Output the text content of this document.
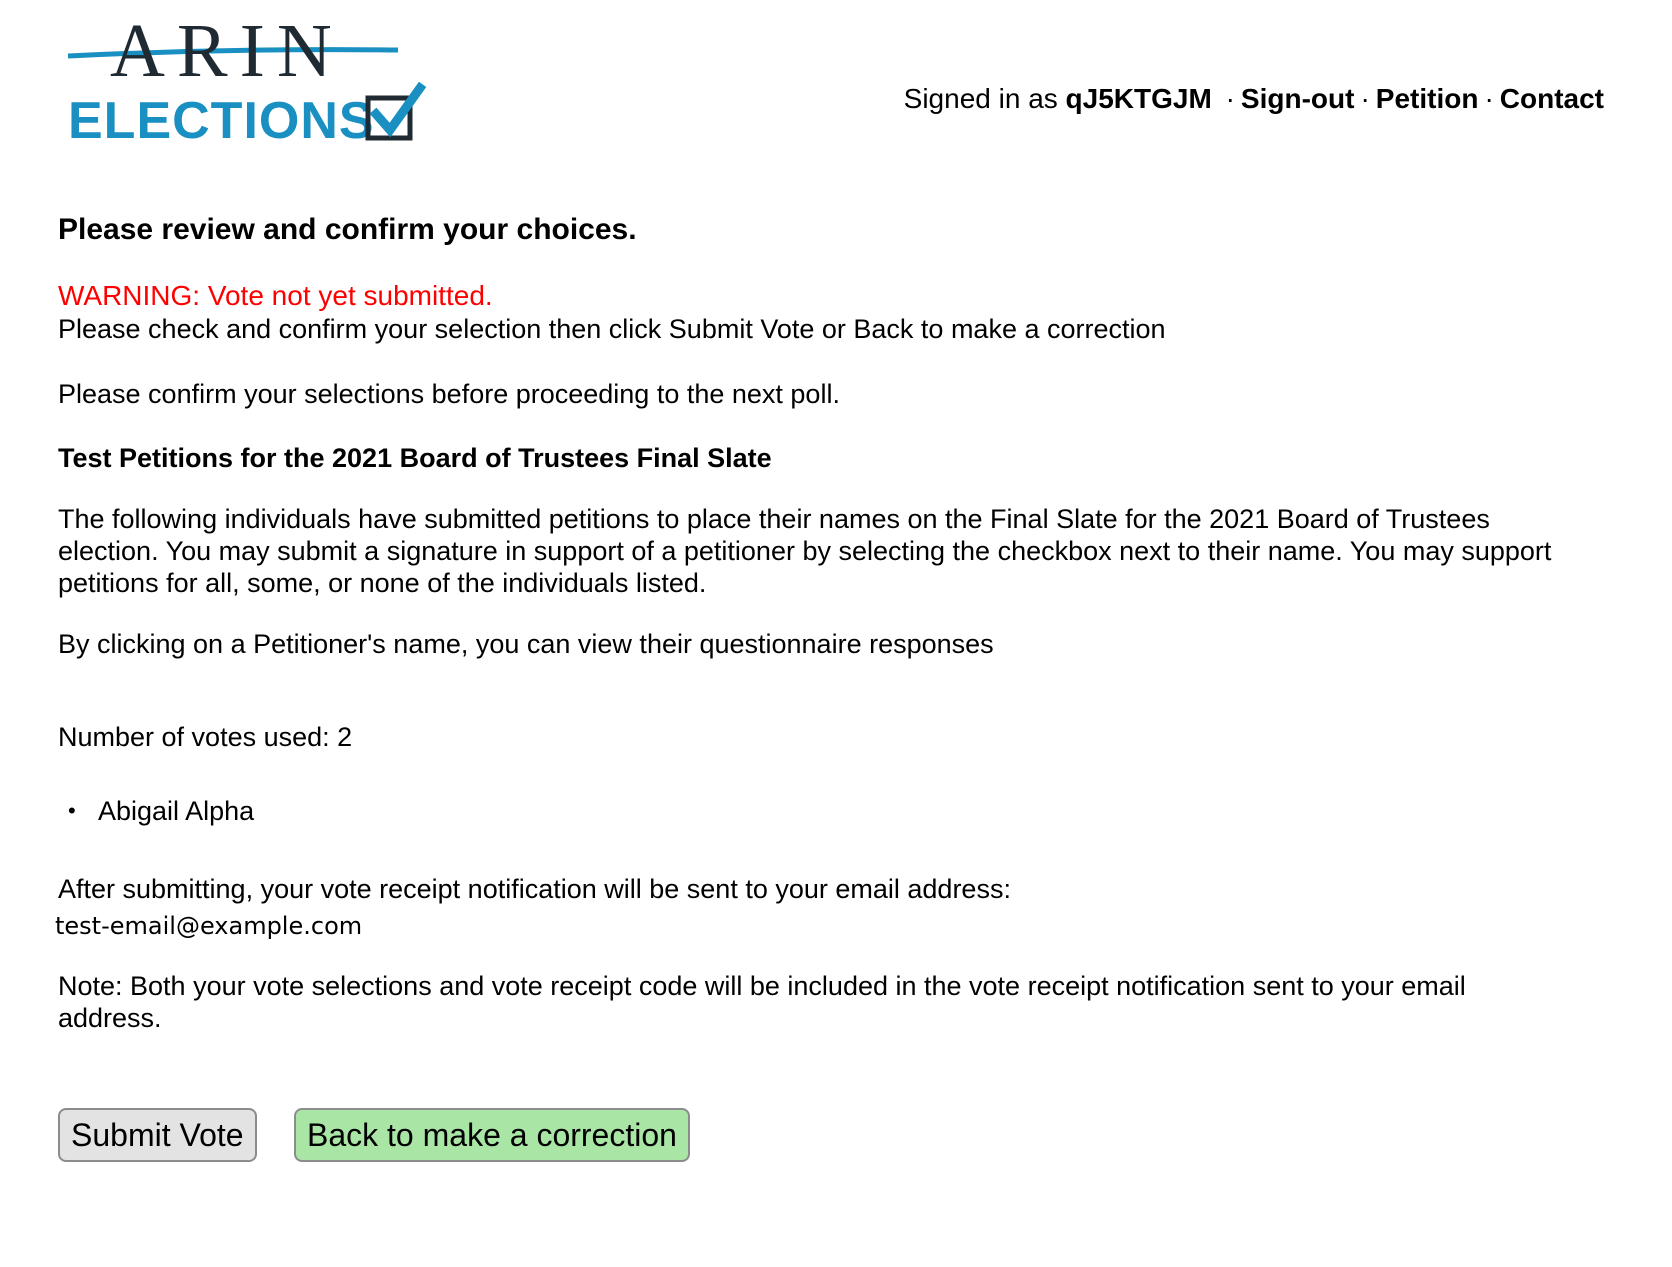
ARIN
ELECTIONS	Signed in as qJ5KTGJM · Sign-out · Petition · Contact
Please review and confirm your choices.
WARNING: Vote not yet submitted.
Please check and confirm your selection then click Submit Vote or Back to make a correction
Please confirm your selections before proceeding to the next poll.
Test Petitions for the 2021 Board of Trustees Final Slate
The following individuals have submitted petitions to place their names on the Final Slate for the 2021 Board of Trustees election. You may submit a signature in support of a petitioner by selecting the checkbox next to their name. You may support petitions for all, some, or none of the individuals listed.
By clicking on a Petitioner's name, you can view their questionnaire responses
Number of votes used: 2
• Abigail Alpha
After submitting, your vote receipt notification will be sent to your email address:
test-email@example.com
Note: Both your vote selections and vote receipt code will be included in the vote receipt notification sent to your email address.
Submit Vote	Back to make a correction
